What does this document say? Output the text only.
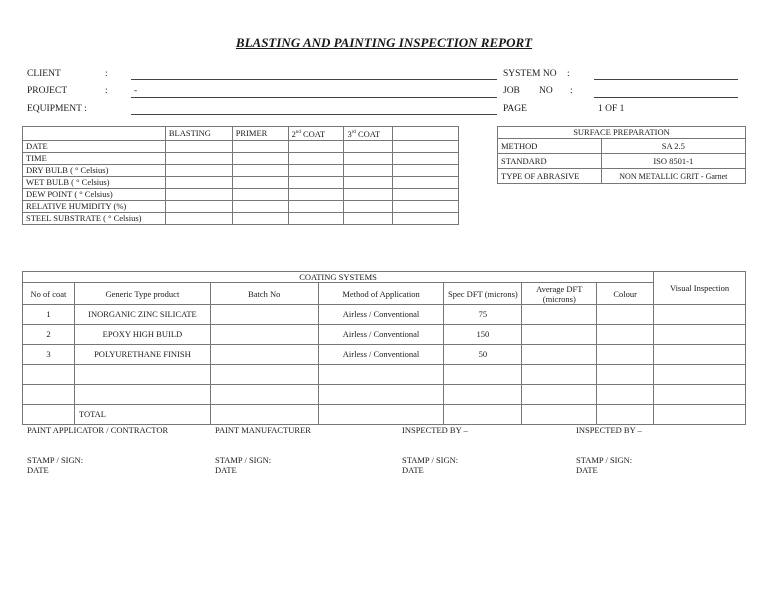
BLASTING AND PAINTING INSPECTION REPORT
CLIENT	:
PROJECT	:	-
EQUIPMENT :
SYSTEM NO :
JOB NO :
PAGE	1 OF 1
	BLASTING	PRIMER	2nd COAT	3rd COAT	
DATE					
TIME					
DRY BULB ( ° Celsius)					
WET BULB ( ° Celsius)					
DEW POINT ( ° Celsius)					
RELATIVE HUMIDITY (%)					
STEEL SUBSTRATE ( ° Celsius)					
SURFACE PREPARATION	
METHOD	SA 2.5
STANDARD	ISO 8501-1
TYPE OF ABRASIVE	NON METALLIC GRIT - Garnet
COATING SYSTEMS							Visual Inspection
No of coat	Generic Type product	Batch No	Method of Application	Spec DFT (microns)	Average DFT (microns)	Colour	
1	INORGANIC ZINC SILICATE		Airless / Conventional	75			
2	EPOXY HIGH BUILD		Airless / Conventional	150			
3	POLYURETHANE FINISH		Airless / Conventional	50			

	TOTAL						
PAINT APPLICATOR / CONTRACTOR
STAMP / SIGN:
DATE
PAINT MANUFACTURER
STAMP / SIGN:
DATE
INSPECTED BY –
STAMP / SIGN:
DATE
INSPECTED BY –
STAMP / SIGN:
DATE
